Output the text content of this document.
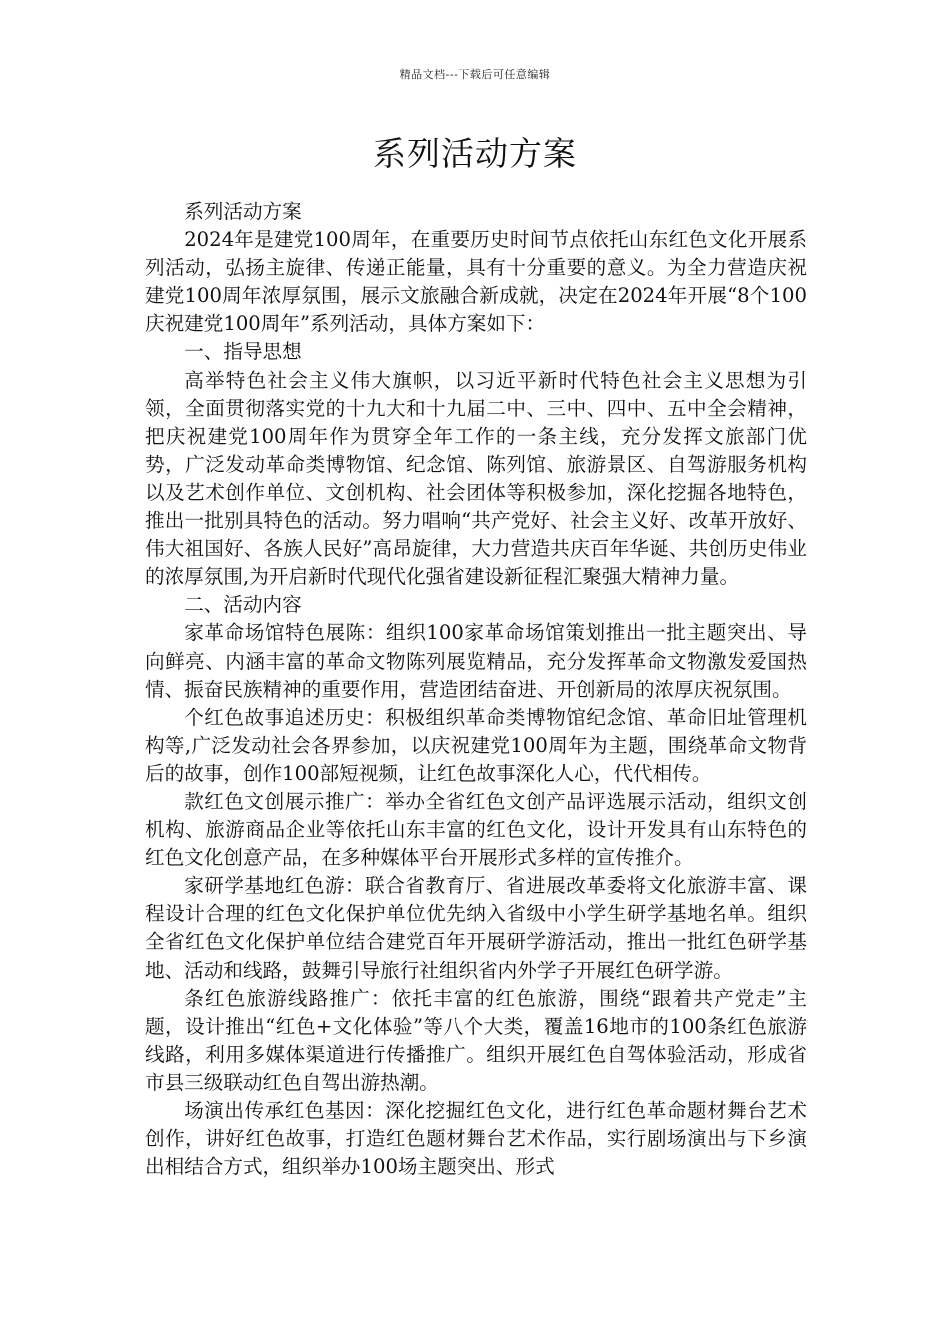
精品文档---下载后可任意编辑
系列活动方案

系列活动方案

2024年是建党100周年，在重要历史时间节点依托山东红色文化开展系列活动，弘扬主旋律、传递正能量，具有十分重要的意义。为全力营造庆祝建党100周年浓厚氛围，展示文旅融合新成就，决定在2024年开展“8个100庆祝建党100周年”系列活动，具体方案如下：

一、指导思想

高举特色社会主义伟大旗帜，以习近平新时代特色社会主义思想为引领，全面贯彻落实党的十九大和十九届二中、三中、四中、五中全会精神，把庆祝建党100周年作为贯穿全年工作的一条主线，充分发挥文旅部门优势，广泛发动革命类博物馆、纪念馆、陈列馆、旅游景区、自驾游服务机构以及艺术创作单位、文创机构、社会团体等积极参加，深化挖掘各地特色，推出一批别具特色的活动。努力唱响“共产党好、社会主义好、改革开放好、伟大祖国好、各族人民好”高昂旋律，大力营造共庆百年华诞、共创历史伟业的浓厚氛围,为开启新时代现代化强省建设新征程汇聚强大精神力量。

二、活动内容

家革命场馆特色展陈：组织100家革命场馆策划推出一批主题突出、导向鲜亮、内涵丰富的革命文物陈列展览精品，充分发挥革命文物激发爱国热情、振奋民族精神的重要作用，营造团结奋进、开创新局的浓厚庆祝氛围。

个红色故事追述历史：积极组织革命类博物馆纪念馆、革命旧址管理机构等,广泛发动社会各界参加，以庆祝建党100周年为主题，围绕革命文物背后的故事，创作100部短视频，让红色故事深化人心，代代相传。

款红色文创展示推广：举办全省红色文创产品评选展示活动，组织文创机构、旅游商品企业等依托山东丰富的红色文化，设计开发具有山东特色的红色文化创意产品，在多种媒体平台开展形式多样的宣传推介。

家研学基地红色游：联合省教育厅、省进展改革委将文化旅游丰富、课程设计合理的红色文化保护单位优先纳入省级中小学生研学基地名单。组织全省红色文化保护单位结合建党百年开展研学游活动，推出一批红色研学基地、活动和线路，鼓舞引导旅行社组织省内外学子开展红色研学游。

条红色旅游线路推广：依托丰富的红色旅游，围绕“跟着共产党走”主题，设计推出“红色+文化体验”等八个大类，覆盖16地市的100条红色旅游线路，利用多媒体渠道进行传播推广。组织开展红色自驾体验活动，形成省市县三级联动红色自驾出游热潮。

场演出传承红色基因：深化挖掘红色文化，进行红色革命题材舞台艺术创作，讲好红色故事，打造红色题材舞台艺术作品，实行剧场演出与下乡演出相结合方式，组织举办100场主题突出、形式
